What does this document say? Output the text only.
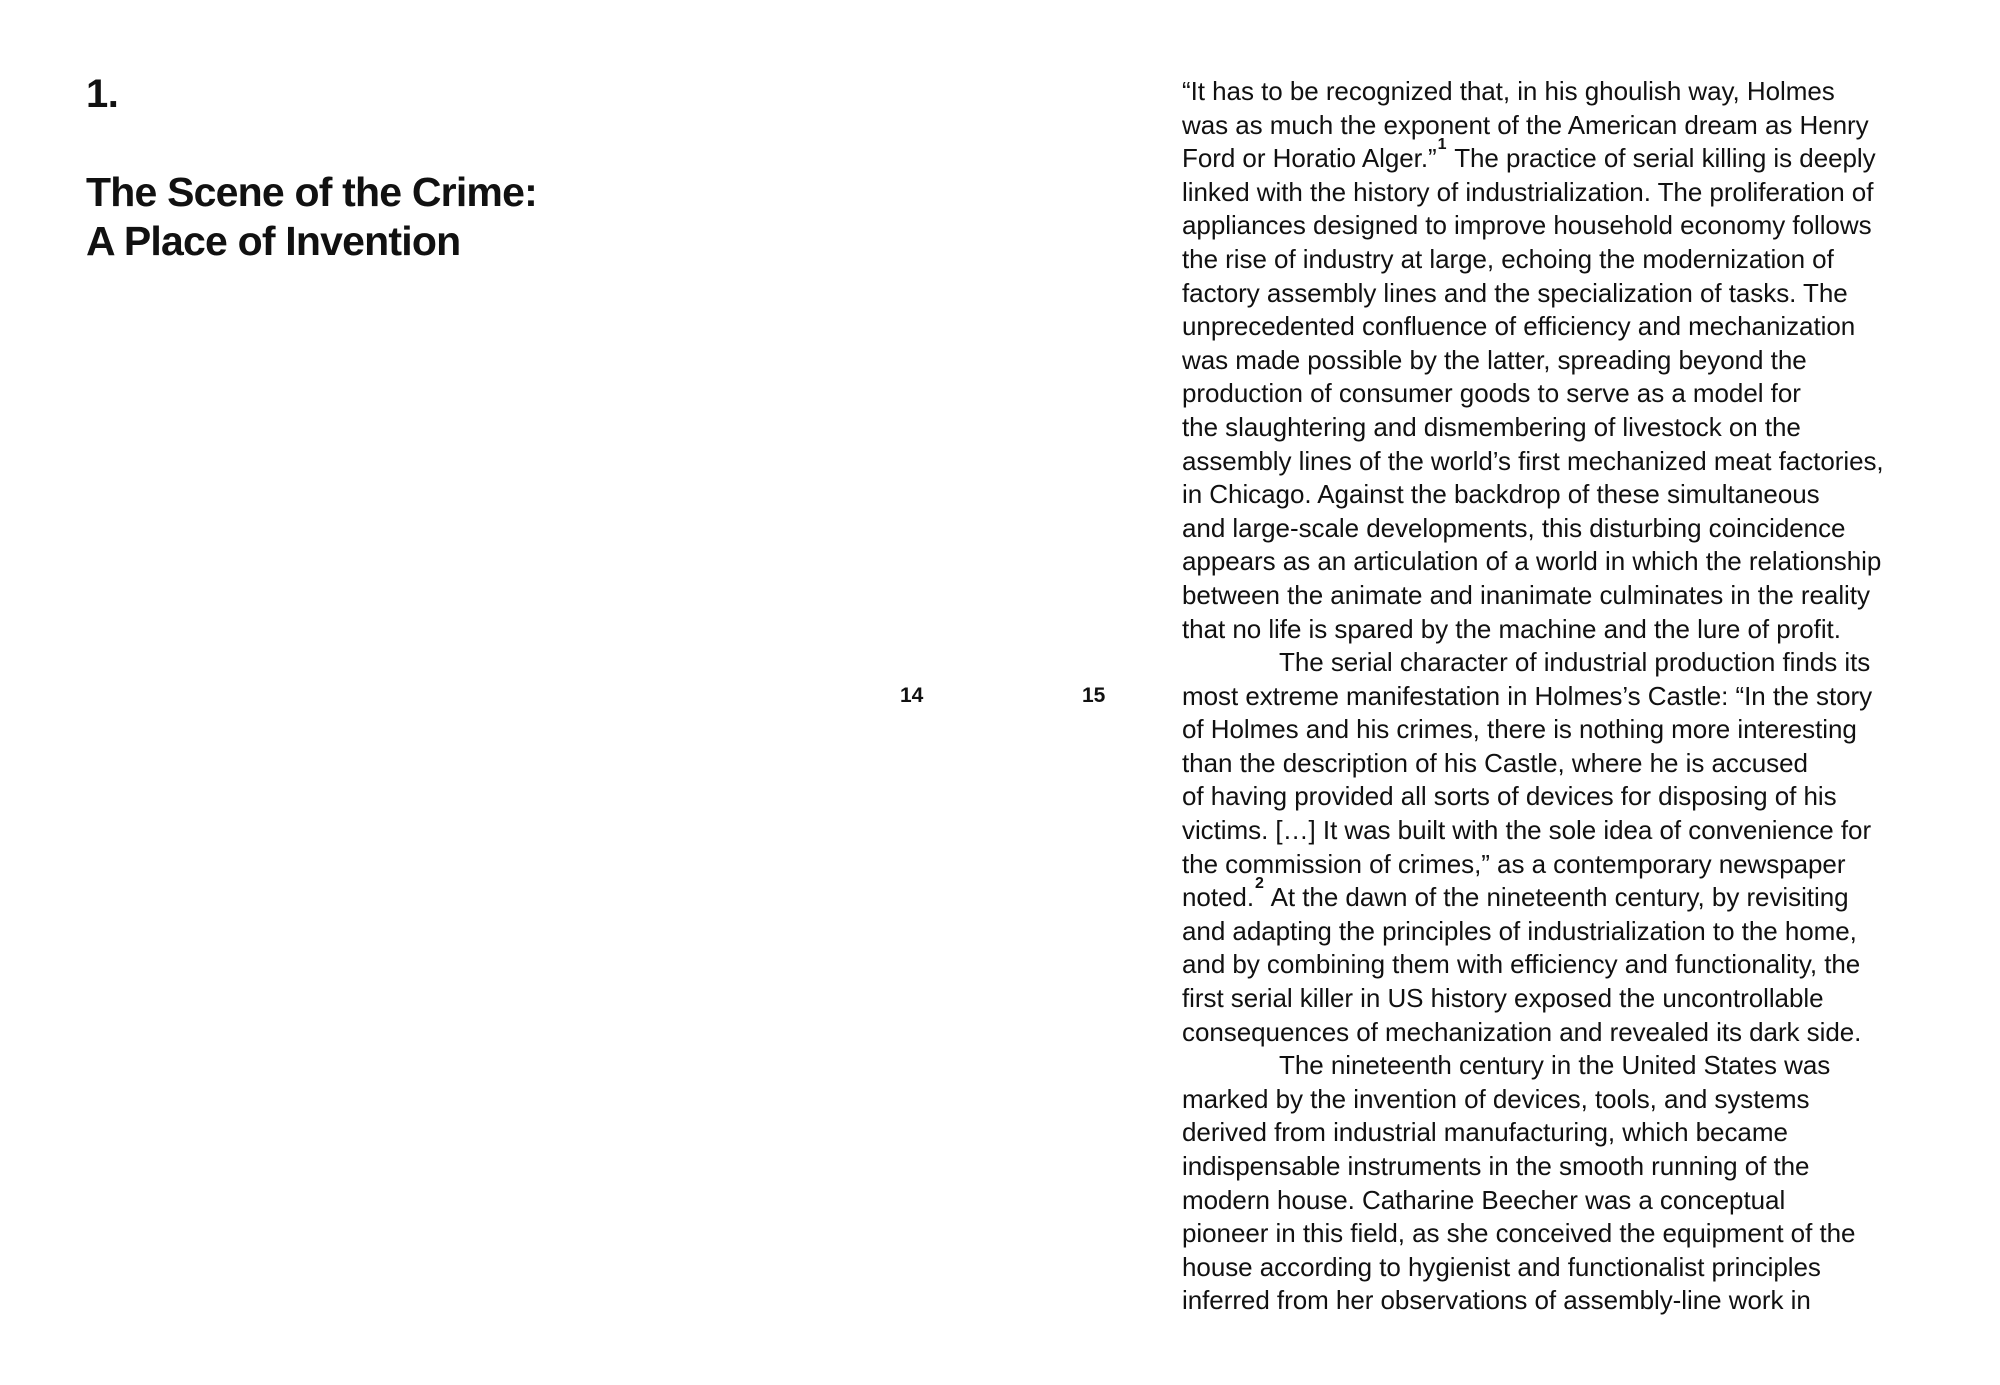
1.
The Scene of the Crime:
A Place of Invention
14	15
“It has to be recognized that, in his ghoulish way, Holmes
was as much the exponent of the American dream as Henry
Ford or Horatio Alger.”$^1$ The practice of serial killing is deeply
linked with the history of industrialization. The proliferation of
appliances designed to improve household economy follows
the rise of industry at large, echoing the modernization of
factory assembly lines and the specialization of tasks. The
unprecedented confluence of efficiency and mechanization
was made possible by the latter, spreading beyond the
production of consumer goods to serve as a model for
the slaughtering and dismembering of livestock on the
assembly lines of the world’s first mechanized meat factories,
in Chicago. Against the backdrop of these simultaneous
and large-scale developments, this disturbing coincidence
appears as an articulation of a world in which the relationship
between the animate and inanimate culminates in the reality
that no life is spared by the machine and the lure of profit.
The serial character of industrial production finds its
most extreme manifestation in Holmes’s Castle: “In the story
of Holmes and his crimes, there is nothing more interesting
than the description of his Castle, where he is accused
of having provided all sorts of devices for disposing of his
victims. […] It was built with the sole idea of convenience for
the commission of crimes,” as a contemporary newspaper
noted.$^2$ At the dawn of the nineteenth century, by revisiting
and adapting the principles of industrialization to the home,
and by combining them with efficiency and functionality, the
first serial killer in US history exposed the uncontrollable
consequences of mechanization and revealed its dark side.
The nineteenth century in the United States was
marked by the invention of devices, tools, and systems
derived from industrial manufacturing, which became
indispensable instruments in the smooth running of the
modern house. Catharine Beecher was a conceptual
pioneer in this field, as she conceived the equipment of the
house according to hygienist and functionalist principles
inferred from her observations of assembly-line work in
